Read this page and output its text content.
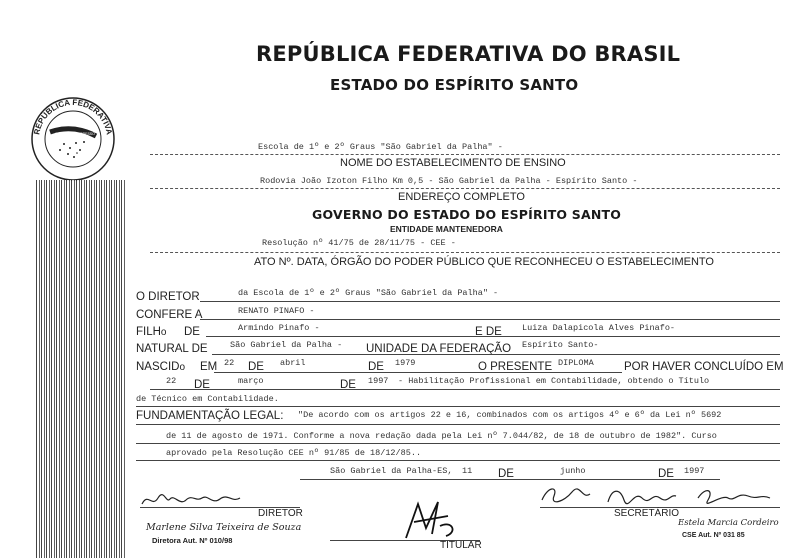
REPÚBLICA FEDERATIVA DO BRASIL
ESTADO DO ESPÍRITO SANTO
REPÚBLICA FEDERATIVA
ORDEM E PROGRESSO
Escola de 1º e 2º Graus "São Gabriel da Palha" -
NOME DO ESTABELECIMENTO DE ENSINO
Rodovia João Izoton Filho Km 0,5 - São Gabriel da Palha - Espírito Santo -
ENDEREÇO COMPLETO
GOVERNO DO ESTADO DO ESPÍRITO SANTO
ENTIDADE MANTENEDORA
Resolução nº 41/75 de 28/11/75 - CEE -
ATO Nº. DATA, ÓRGÃO DO PODER PÚBLICO QUE RECONHECEU O ESTABELECIMENTO
O DIRETOR	da Escola de 1º e 2º Graus "São Gabriel da Palha" -
CONFERE A	RENATO PINAFO -
FILHo DE	Armindo Pinafo -	E DE Luiza Dalapicola Alves Pinafo-
NATURAL DE	São Gabriel da Palha - UNIDADE DA FEDERAÇÃO Espírito Santo-
NASCIDo EM 22 DE abril	DE 1979	O PRESENTE DIPLOMA	POR HAVER CONCLUÍDO EM
22 DE	março	DE 1997 - Habilitação Profissional em Contabilidade, obtendo o Título
de Técnico em Contabilidade.
FUNDAMENTAÇÃO LEGAL: "De acordo com os artigos 22 e 16, combinados com os artigos 4º e 6º da Lei nº 5692
de 11 de agosto de 1971. Conforme a nova redação dada pela Lei nº 7.044/82, de 18 de outubro de 1982". Curso
aprovado pela Resolução CEE nº 91/85 de 18/12/85..
São Gabriel da Palha-ES, 11 DE	junho	DE 1997
DIRETOR
Marlene Silva Teixeira de Souza
Diretora Aut. Nº 010/98	TITULAR
SECRETÁRIO
Estela Marcia Cordeiro
CSE Aut. Nº 031 85
